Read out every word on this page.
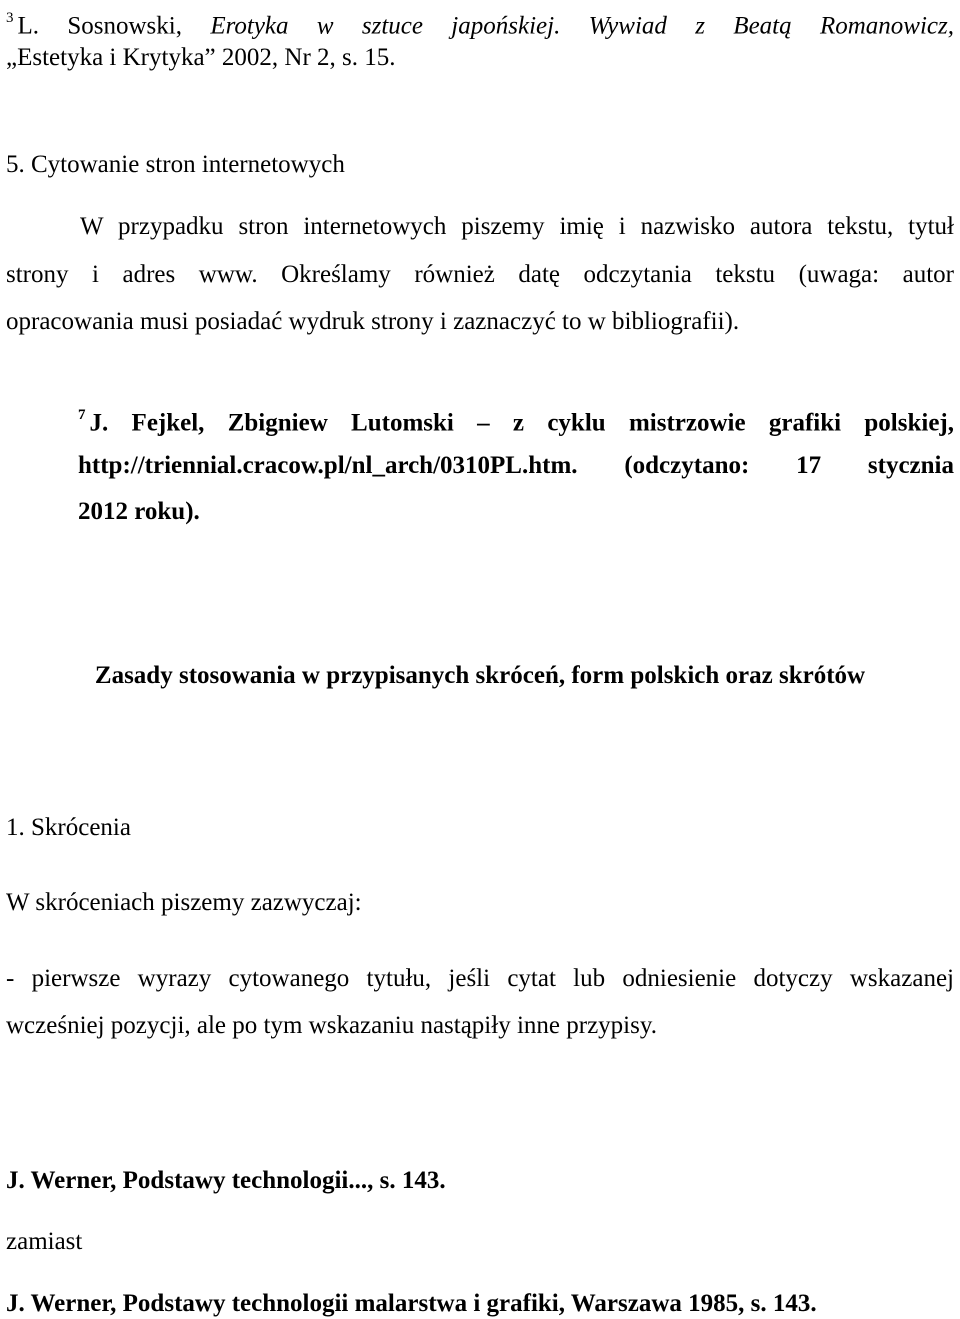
$^3$ L. Sosnowski, Erotyka w sztuce japońskiej. Wywiad z Beatą Romanowicz,
„Estetyka i Krytyka” 2002, Nr 2, s. 15.
5. Cytowanie stron internetowych
W przypadku stron internetowych piszemy imię i nazwisko autora tekstu, tytuł
strony i adres www. Określamy również datę odczytania tekstu (uwaga: autor
opracowania musi posiadać wydruk strony i zaznaczyć to w bibliografii).
$^7$ J. Fejkel, Zbigniew Lutomski – z cyklu mistrzowie grafiki polskiej,
http://triennial.cracow.pl/nl_arch/0310PL.htm. (odczytano: 17 stycznia
2012 roku).
Zasady stosowania w przypisanych skróceń, form polskich oraz skrótów
1. Skrócenia
W skróceniach piszemy zazwyczaj:
- pierwsze wyrazy cytowanego tytułu, jeśli cytat lub odniesienie dotyczy wskazanej
wcześniej pozycji, ale po tym wskazaniu nastąpiły inne przypisy.
J. Werner, Podstawy technologii..., s. 143.
zamiast
J. Werner, Podstawy technologii malarstwa i grafiki, Warszawa 1985, s. 143.
